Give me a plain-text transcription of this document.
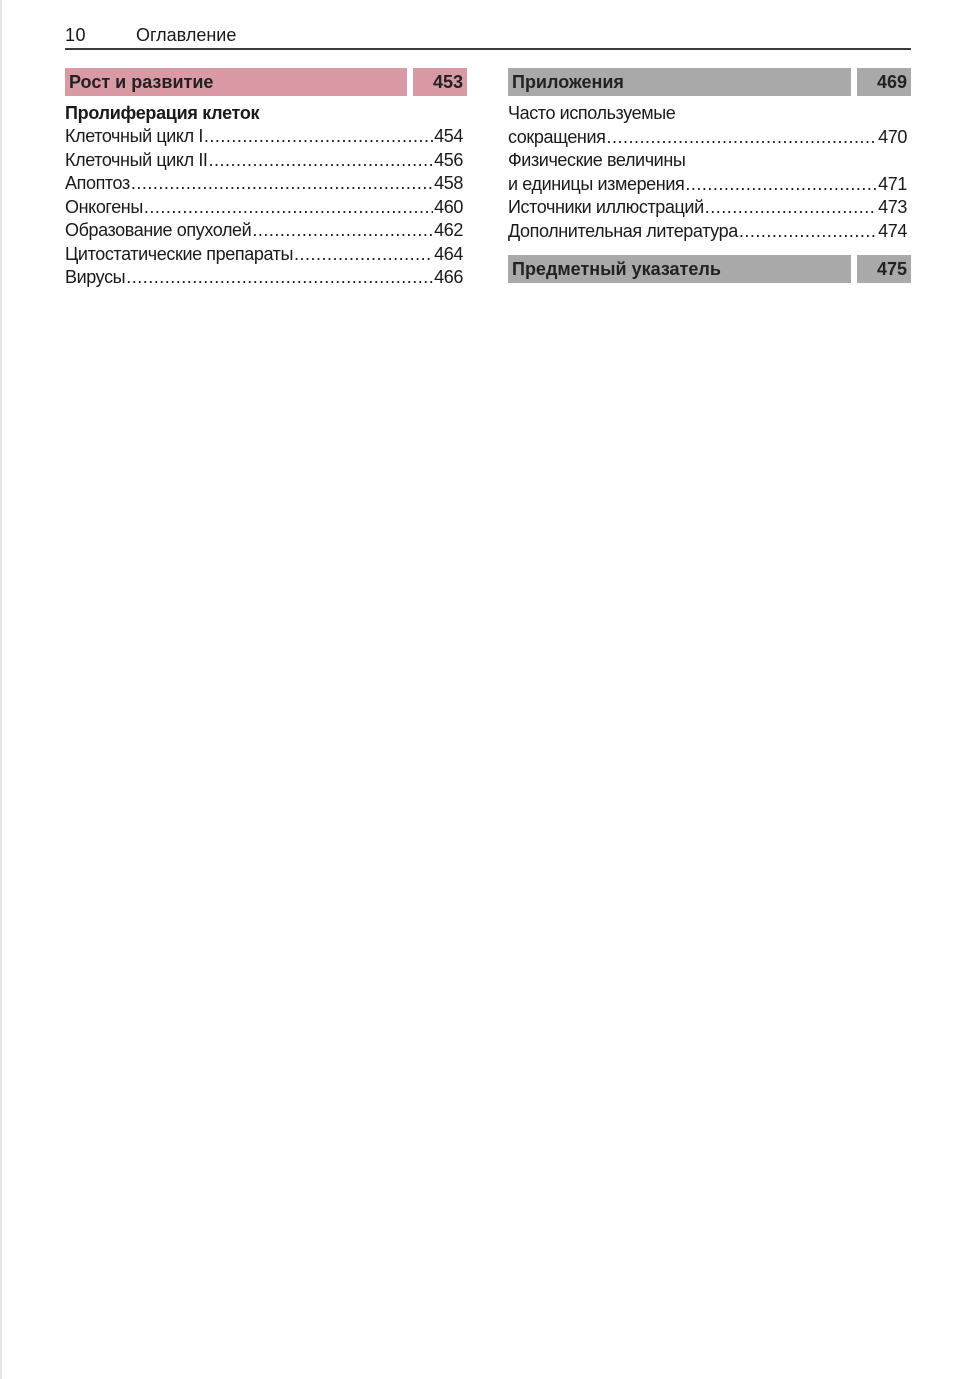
10	Оглавление
Рост и развитие	453
Пролиферация клеток
Клеточный цикл I .....	454
Клеточный цикл II .....	456
Апоптоз .....	458
Онкогены .....	460
Образование опухолей .....	462
Цитостатические препараты .....	464
Вирусы .....	466
Приложения	469
Часто используемые
сокращения .....	470
Физические величины
и единицы измерения .....	471
Источники иллюстраций .....	473
Дополнительная литература .....	474
Предметный указатель	475
